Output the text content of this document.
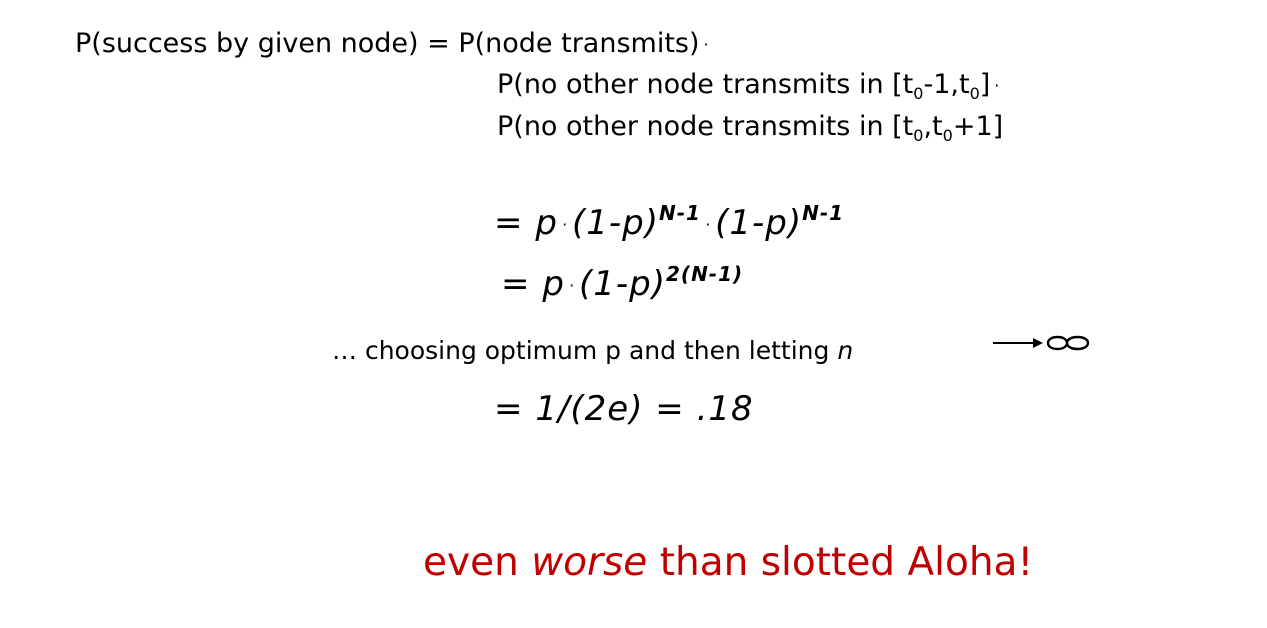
P(success by given node) = P(node transmits) ·
P(no other node transmits in $[t_0-1,t_0]$ ·
P(no other node transmits in $[t_0,t_0+1]$
= $p \cdot (1-p)^{N-1} \cdot (1-p)^{N-1}$
= $p \cdot (1-p)^{2(N-1)}$
… choosing optimum p and then letting n
= 1/(2e) = .18
even worse than slotted Aloha!
